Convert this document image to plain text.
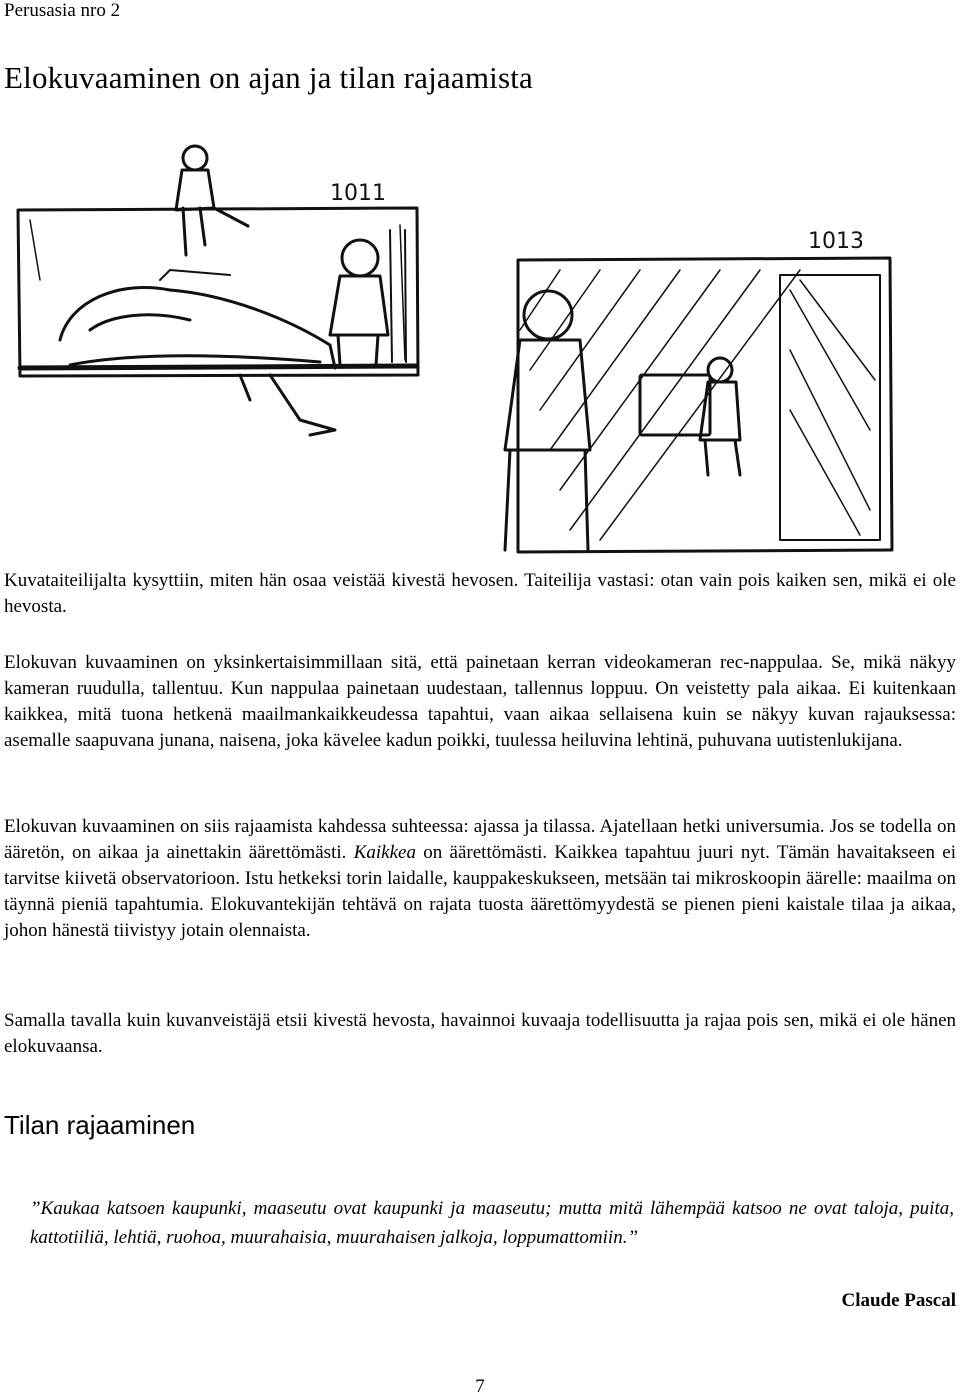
Perusasia nro 2
Elokuvaaminen on ajan ja tilan rajaamista
1011
1013

Kuvataiteilijalta kysyttiin, miten hän osaa veistää kivestä hevosen. Taiteilija vastasi: otan vain pois kaiken sen, mikä ei ole hevosta.

Elokuvan kuvaaminen on yksinkertaisimmillaan sitä, että painetaan kerran videokameran rec-nappulaa. Se, mikä näkyy kameran ruudulla, tallentuu. Kun nappulaa painetaan uudestaan, tallennus loppuu. On veistetty pala aikaa. Ei kuitenkaan kaikkea, mitä tuona hetkenä maailmankaikkeudessa tapahtui, vaan aikaa sellaisena kuin se näkyy kuvan rajauksessa: asemalle saapuvana junana, naisena, joka kävelee kadun poikki, tuulessa heiluvina lehtinä, puhuvana uutistenlukijana.

Elokuvan kuvaaminen on siis rajaamista kahdessa suhteessa: ajassa ja tilassa. Ajatellaan hetki universumia. Jos se todella on ääretön, on aikaa ja ainettakin äärettömästi. Kaikkea on äärettömästi. Kaikkea tapahtuu juuri nyt. Tämän havaitakseen ei tarvitse kiivetä observatorioon. Istu hetkeksi torin laidalle, kauppakeskukseen, metsään tai mikroskoopin äärelle: maailma on täynnä pieniä tapahtumia. Elokuvantekijän tehtävä on rajata tuosta äärettömyydestä se pienen pieni kaistale tilaa ja aikaa, johon hänestä tiivistyy jotain olennaista.

Samalla tavalla kuin kuvanveistäjä etsii kivestä hevosta, havainnoi kuvaaja todellisuutta ja rajaa pois sen, mikä ei ole hänen elokuvaansa.

Tilan rajaaminen

”Kaukaa katsoen kaupunki, maaseutu ovat kaupunki ja maaseutu; mutta mitä lähempää katsoo ne ovat taloja, puita, kattotiiliä, lehtiä, ruohoa, muurahaisia, muurahaisen jalkoja, loppumattomiin.”

Claude Pascal
7
